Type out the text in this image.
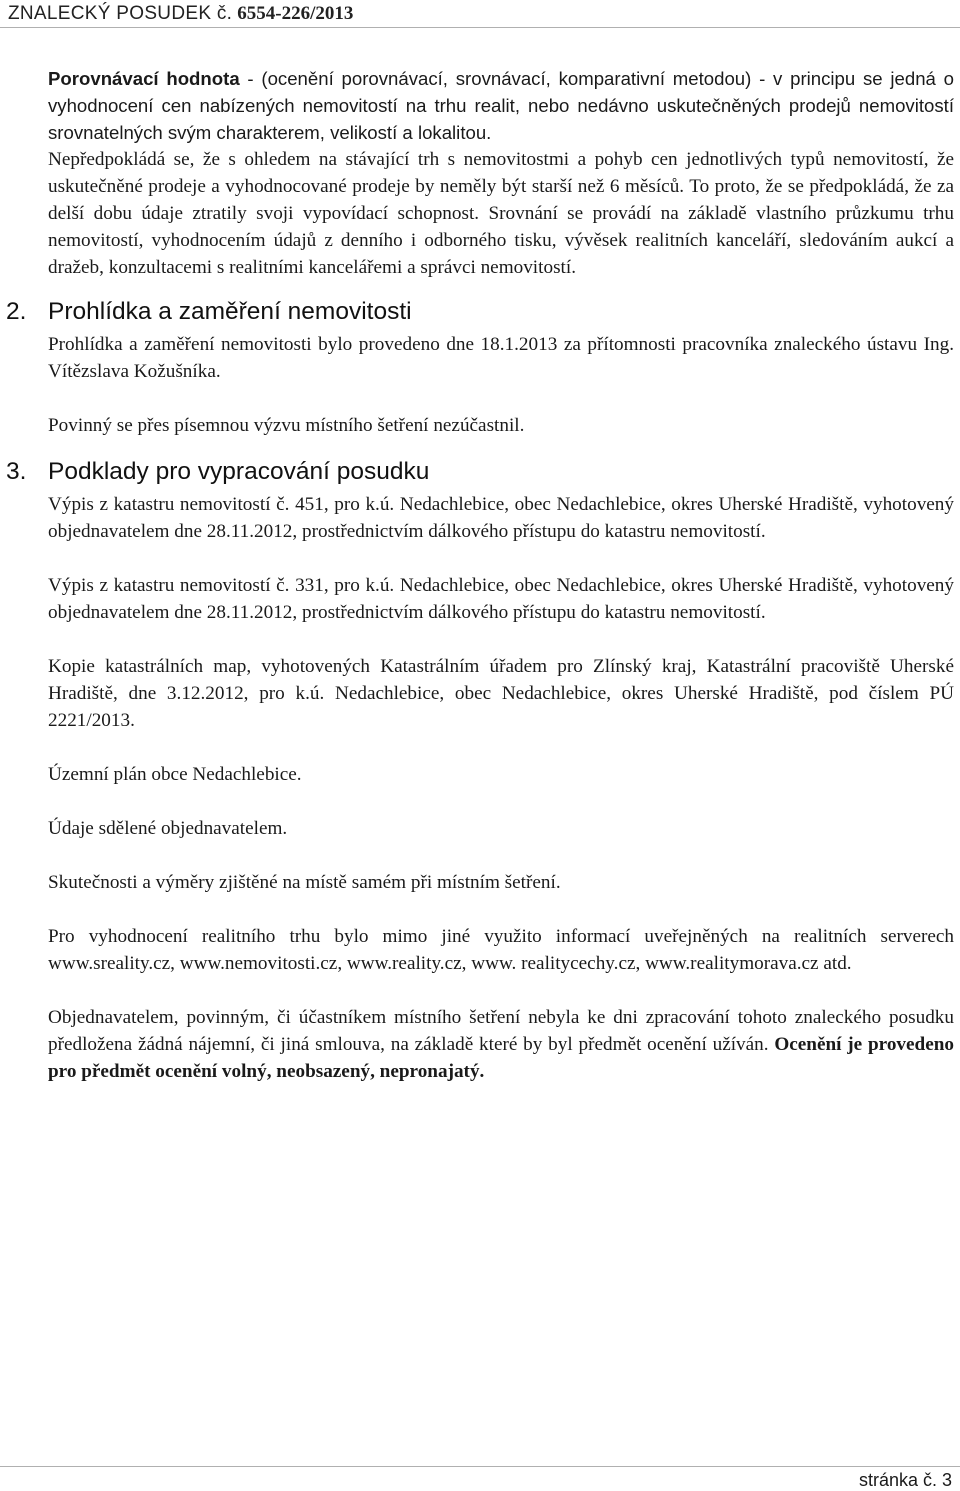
ZNALECKÝ POSUDEK č. 6554-226/2013

Porovnávací hodnota - (ocenění porovnávací, srovnávací, komparativní metodou) - v principu se jedná o vyhodnocení cen nabízených nemovitostí na trhu realit, nebo nedávno uskutečněných prodejů nemovitostí srovnatelných svým charakterem, velikostí a lokalitou.

Nepředpokládá se, že s ohledem na stávající trh s nemovitostmi a pohyb cen jednotlivých typů nemovitostí, že uskutečněné prodeje a vyhodnocované prodeje by neměly být starší než 6 měsíců. To proto, že se předpokládá, že za delší dobu údaje ztratily svoji vypovídací schopnost. Srovnání se provádí na základě vlastního průzkumu trhu nemovitostí, vyhodnocením údajů z denního i odborného tisku, vývěsek realitních kanceláří, sledováním aukcí a dražeb, konzultacemi s realitními kancelářemi a správci nemovitostí.

2. Prohlídka a zaměření nemovitosti

Prohlídka a zaměření nemovitosti bylo provedeno dne 18.1.2013 za přítomnosti pracovníka znaleckého ústavu Ing. Vítězslava Kožušníka.

Povinný se přes písemnou výzvu místního šetření nezúčastnil.

3. Podklady pro vypracování posudku

Výpis z katastru nemovitostí č. 451, pro k.ú. Nedachlebice, obec Nedachlebice, okres Uherské Hradiště, vyhotovený objednavatelem dne 28.11.2012, prostřednictvím dálkového přístupu do katastru nemovitostí.

Výpis z katastru nemovitostí č. 331, pro k.ú. Nedachlebice, obec Nedachlebice, okres Uherské Hradiště, vyhotovený objednavatelem dne 28.11.2012, prostřednictvím dálkového přístupu do katastru nemovitostí.

Kopie katastrálních map, vyhotovených Katastrálním úřadem pro Zlínský kraj, Katastrální pracoviště Uherské Hradiště, dne 3.12.2012, pro k.ú. Nedachlebice, obec Nedachlebice, okres Uherské Hradiště, pod číslem PÚ 2221/2013.

Územní plán obce Nedachlebice.

Údaje sdělené objednavatelem.

Skutečnosti a výměry zjištěné na místě samém při místním šetření.

Pro vyhodnocení realitního trhu bylo mimo jiné využito informací uveřejněných na realitních serverech www.sreality.cz, www.nemovitosti.cz, www.reality.cz, www. realitycechy.cz, www.realitymorava.cz atd.

Objednavatelem, povinným, či účastníkem místního šetření nebyla ke dni zpracování tohoto znaleckého posudku předložena žádná nájemní, či jiná smlouva, na základě které by byl předmět ocenění užíván. Ocenění je provedeno pro předmět ocenění volný, neobsazený, nepronajatý.

stránka č. 3
